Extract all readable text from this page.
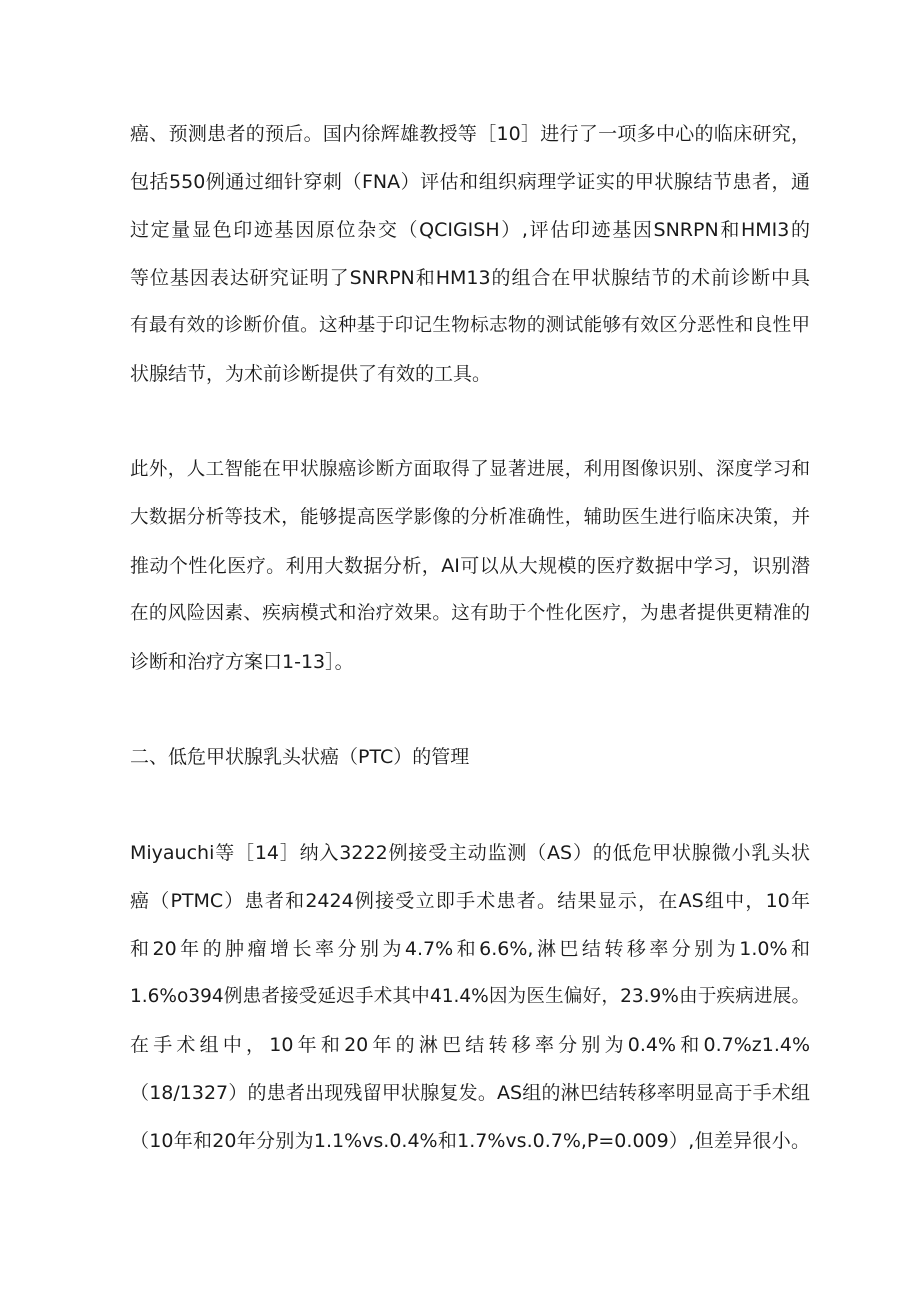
癌、预测患者的预后。国内徐辉雄教授等［10］进行了一项多中心的临床研究，
包括550例通过细针穿刺（FNA）评估和组织病理学证实的甲状腺结节患者，通
过定量显色印迹基因原位杂交（QCIGISH）,评估印迹基因SNRPN和HMI3的
等位基因表达研究证明了SNRPN和HM13的组合在甲状腺结节的术前诊断中具
有最有效的诊断价值。这种基于印记生物标志物的测试能够有效区分恶性和良性甲
状腺结节，为术前诊断提供了有效的工具。
此外，人工智能在甲状腺癌诊断方面取得了显著进展，利用图像识别、深度学习和
大数据分析等技术，能够提高医学影像的分析准确性，辅助医生进行临床决策，并
推动个性化医疗。利用大数据分析，AI可以从大规模的医疗数据中学习，识别潜
在的风险因素、疾病模式和治疗效果。这有助于个性化医疗，为患者提供更精准的
诊断和治疗方案口1-13］。
二、低危甲状腺乳头状癌（PTC）的管理
Miyauchi等［14］纳入3222例接受主动监测（AS）的低危甲状腺微小乳头状
癌（PTMC）患者和2424例接受立即手术患者。结果显示，在AS组中，10年
和20年的肿瘤增长率分别为4.7%和6.6%,淋巴结转移率分别为1.0%和
1.6%o394例患者接受延迟手术其中41.4%因为医生偏好，23.9%由于疾病进展。
在手术组中，10年和20年的淋巴结转移率分别为0.4%和0.7%z1.4%
（18/1327）的患者出现残留甲状腺复发。AS组的淋巴结转移率明显高于手术组
（10年和20年分别为1.1%vs.0.4%和1.7%vs.0.7%,P=0.009）,但差异很小。
